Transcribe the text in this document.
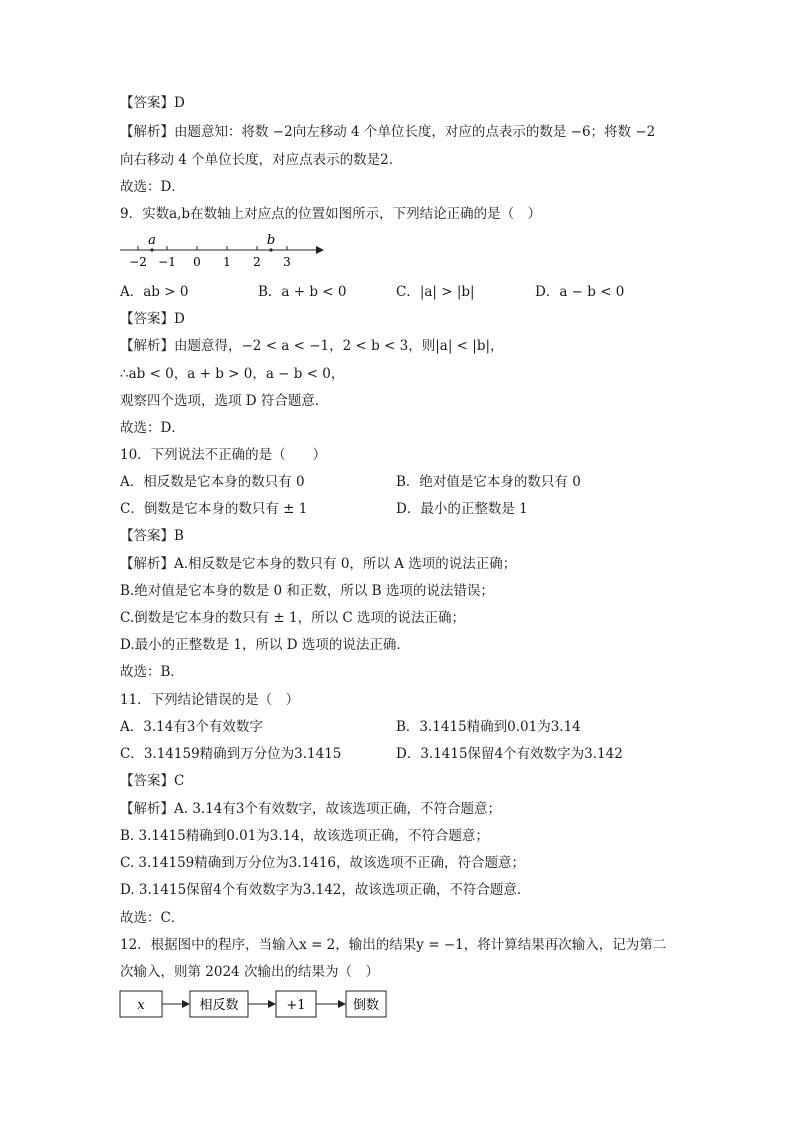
【答案】D
【解析】由题意知：将数 −2向左移动 4 个单位长度，对应的点表示的数是 −6；将数 −2
向右移动 4 个单位长度，对应点表示的数是2．
故选：D．
9．实数a,b在数轴上对应点的位置如图所示，下列结论正确的是（　）
a	b
−2 −1 0 1 2 3
A．ab > 0	B．a + b < 0	C．|a| > |b|	D．a − b < 0
【答案】D
【解析】由题意得，−2 < a < −1，2 < b < 3，则|a| < |b|，
∴ab < 0，a + b > 0，a − b < 0，
观察四个选项，选项 D 符合题意．
故选：D．
10．下列说法不正确的是（　　）
A．相反数是它本身的数只有 0	B．绝对值是它本身的数只有 0
C．倒数是它本身的数只有 ± 1	D．最小的正整数是 1
【答案】B
【解析】A.相反数是它本身的数只有 0，所以 A 选项的说法正确；
B.绝对值是它本身的数是 0 和正数，所以 B 选项的说法错误；
C.倒数是它本身的数只有 ± 1，所以 C 选项的说法正确；
D.最小的正整数是 1，所以 D 选项的说法正确．
故选：B．
11．下列结论错误的是（　）
A．3.14有3个有效数字	B．3.1415精确到0.01为3.14
C．3.14159精确到万分位为3.1415	D．3.1415保留4个有效数字为3.142
【答案】C
【解析】A. 3.14有3个有效数字，故该选项正确，不符合题意；
B. 3.1415精确到0.01为3.14，故该选项正确，不符合题意；
C. 3.14159精确到万分位为3.1416，故该选项不正确，符合题意；
D. 3.1415保留4个有效数字为3.142，故该选项正确，不符合题意．
故选：C．
12．根据图中的程序，当输入x = 2，输出的结果y = −1，将计算结果再次输入，记为第二
次输入，则第 2024 次输出的结果为（　）
x	相反数	+1	倒数
